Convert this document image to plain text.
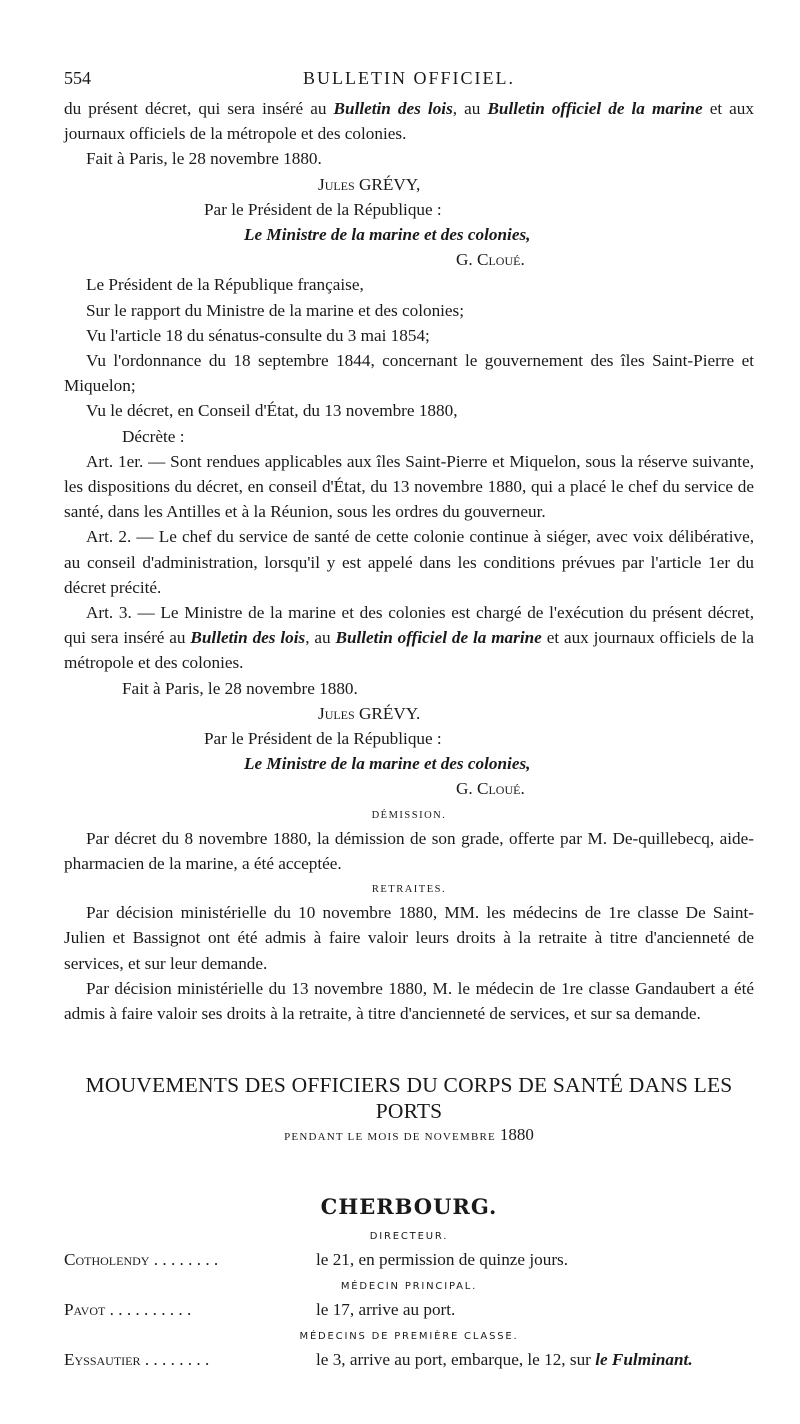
554	BULLETIN OFFICIEL.

du présent décret, qui sera inséré au Bulletin des lois, au Bulletin officiel de la marine et aux journaux officiels de la métropole et des colonies.

Fait à Paris, le 28 novembre 1880.

Jules GRÉVY,

Par le Président de la République :

Le Ministre de la marine et des colonies,

G. Cloué.

Le Président de la République française,

Sur le rapport du Ministre de la marine et des colonies;

Vu l'article 18 du sénatus-consulte du 3 mai 1854;

Vu l'ordonnance du 18 septembre 1844, concernant le gouvernement des îles Saint-Pierre et Miquelon;

Vu le décret, en Conseil d'État, du 13 novembre 1880,

Décrète :

Art. 1er. — Sont rendues applicables aux îles Saint-Pierre et Miquelon, sous la réserve suivante, les dispositions du décret, en conseil d'État, du 13 novembre 1880, qui a placé le chef du service de santé, dans les Antilles et à la Réunion, sous les ordres du gouverneur.

Art. 2. — Le chef du service de santé de cette colonie continue à siéger, avec voix délibérative, au conseil d'administration, lorsqu'il y est appelé dans les conditions prévues par l'article 1er du décret précité.

Art. 3. — Le Ministre de la marine et des colonies est chargé de l'exécution du présent décret, qui sera inséré au Bulletin des lois, au Bulletin officiel de la marine et aux journaux officiels de la métropole et des colonies.

Fait à Paris, le 28 novembre 1880.

Jules GRÉVY.

Par le Président de la République :

Le Ministre de la marine et des colonies,

G. Cloué.

DÉMISSION.

Par décret du 8 novembre 1880, la démission de son grade, offerte par M. De-quillebecq, aide-pharmacien de la marine, a été acceptée.

RETRAITES.

Par décision ministérielle du 10 novembre 1880, MM. les médecins de 1re classe De Saint-Julien et Bassignot ont été admis à faire valoir leurs droits à la retraite à titre d'ancienneté de services, et sur leur demande.

Par décision ministérielle du 13 novembre 1880, M. le médecin de 1re classe Gandaubert a été admis à faire valoir ses droits à la retraite, à titre d'ancienneté de services, et sur sa demande.

MOUVEMENTS DES OFFICIERS DU CORPS DE SANTÉ DANS LES PORTS
PENDANT LE MOIS DE NOVEMBRE 1880
CHERBOURG.
DIRECTEUR.
Cotholendy . . . . . . . .	le 21, en permission de quinze jours.
MÉDECIN PRINCIPAL.
Pavot . . . . . . . . . .	le 17, arrive au port.
MÉDECINS DE PREMIÈRE CLASSE.
Eyssautier . . . . . . . .	le 3, arrive au port, embarque, le 12, sur le Fulminant.
